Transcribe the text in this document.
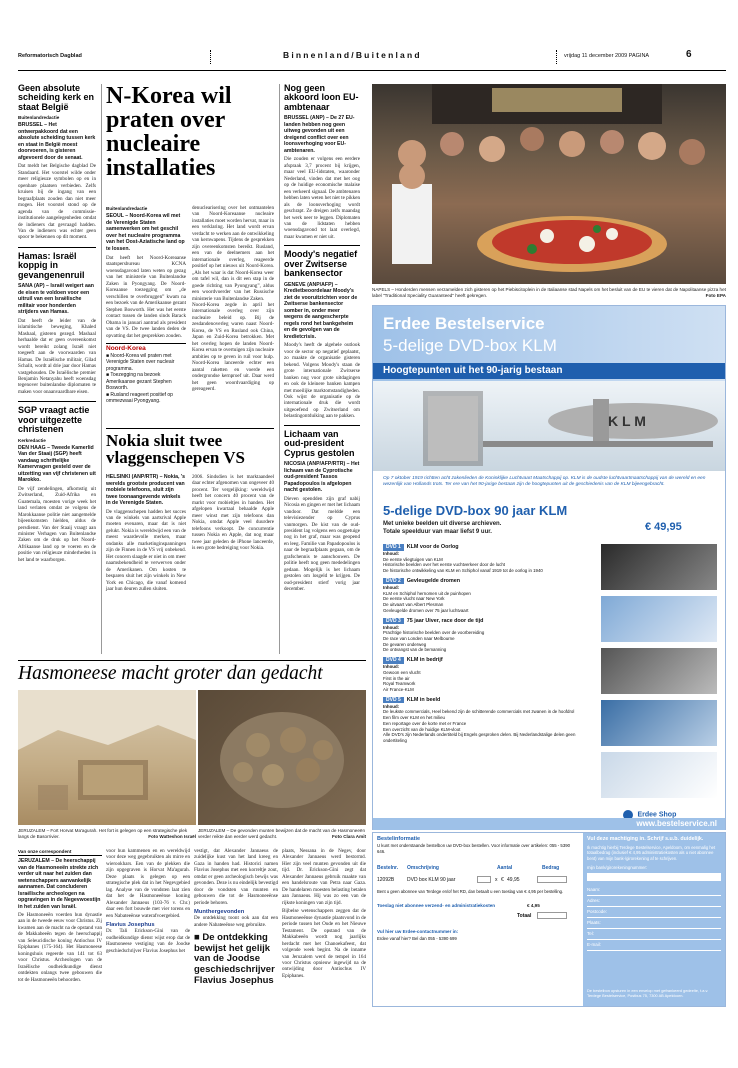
Reformatorisch Dagblad	Binnenland/Buitenland	vrijdag 11 december 2009 PAGINA	6
Geen absolute scheiding kerk en staat België
Buitenlandredactie
BRUSSEL – Het ontwerpakkoord dat een absolute scheiding tussen kerk en staat in België moest doorvoeren, is gisteren afgevoerd door de senaat.
Dat meldt het Belgische dagblad De Standaard. Het voorstel wilde onder meer religieuze symbolen op en in openbare plaatsen verbieden. Zelfs kruisen bij de ingang van een begraafplaats zouden dan niet meer mogen. Het voorstel stond op de agenda van de commissie-institutionele aangelegenheden omdat de indieners dat gevraagd hadden. Van de indieners was echter geen spoor te bekennen op dit moment.
Hamas: Israël koppig in gevangenenruil
SANA (AP) – Israël weigert aan de eisen te voldoen voor een uitruil van een Israëlische militair voor honderden strijders van Hamas.
Dat heeft de leider van de islamitische beweging, Khaled Mashaal, gisteren gezegd. Mashaal herhaalde dat er geen overeenkomst wordt bereikt zolang Israël niet toegeeft aan de voorwaarden van Hamas. De Israëlische militair, Gilad Schalit, wordt al drie jaar door Hamas vastgehouden. De Israëlische premier Benjamin Netanyahu heeft woensdag tegenover buitenlandse diplomaten te maken voor onaanvaardbare eisen.
SGP vraagt actie voor uitgezette christenen
Kerkredactie
DEN HAAG – Tweede Kamerlid Van der Staaij (SGP) heeft vandaag schriftelijke Kamervragen gesteld over de uitzetting van vijf christenen uit Marokko.
De vijf zendelingen, afkomstig uit Zwitserland, Zuid-Afrika en Guatemala, moesten vorige week het land verlaten omdat ze volgens de Marokkaanse politie niet aangemelde bijeenkomsten hielden, aldus de persdienst. Van der Staaij vraagt aan minister Verhagen van Buitenlandse Zaken om de druk op het Noord-Afrikaanse land op te voeren en de positie van religieuze minderheden in het land te waarborgen.
N-Korea wil praten over nucleaire installaties
Buitenlandredactie
SEOUL – Noord-Korea wil met de Verenigde Staten samenwerken om het geschil over het nucleaire programma van het Oost-Aziatische land op te lossen.
Dat heeft het Noord-Koreaanse staatspersbureau KCNA woensdagavond laten weten op gezag van het ministerie van Buitenlandse Zaken in Pyongyang. De Noord-Koreaanse toezegging om „de verschillen te overbruggen” kwam na een bezoek van de Amerikaanse gezant Stephen Bosworth. Het was het eerste contact tussen de landen sinds Barack Obama in januari aantrad als president van de VS. De twee landen deden de opvatting dat het gesprekken zouden.
Noord-Korea
■ Noord-Korea wil praten met Verenigde Staten over nucleair programma.
■ Toezegging na bezoek Amerikaanse gezant Stephen Bosworth.
■ Rusland reageert positief op ommezwaai Pyongyang.
denuclearisering over het ontmantelen van Noord-Koreaanse nucleaire installaties moet worden hervat, maar in een verklaring. Het land wordt ervan verdacht te werken aan de ontwikkeling van kernwapens. Tijdens de gesprekken zijn overeenkomsten bereikt. Rusland, een van de deelnemers aan het internationale overleg, reageerde positief op het nieuws uit Noord-Korea. „Als het waar is dat Noord-Korea weer om tafel wil, dan is dit een stap in de goede richting van Pyongyang”, aldus een woordvoerder van het Russische ministerie van Buitenlandse Zaken.
Noord-Korea zegde in april het internationale overleg over zijn nucleaire beleid op. Bij de zesdandenoverleg waren naast Noord-Korea, de VS en Rusland ook China, Japan en Zuid-Korea betrokken. Met het overleg hopen de landen Noord-Korea ervan te overtuigen zijn nucleaire ambities op te geven in ruil voor hulp. Noord-Korea lanceerde echter een aantal raketten en voerde een ondergrondse kernproef uit. Daar werd het geen woordvaardiging op gereageerd.
Nokia sluit twee vlaggenschepen VS
HELSINKI (ANP/RTR) – Nokia, 's werelds grootste producent van mobiele telefoons, sluit zijn twee toonaangevende winkels in de Verenigde Staten.
De vlaggenschepen hadden het succes van de winkels van aartsrival Apple moeten evenaren, maar dat is niet gelukt. Nokia is wereldwijd een van de meest waardevolle merken, maar ondanks alle marketinginspanningen zijn de Finnen in de VS vrij onbekend. Het concern slaagde er niet in om meer naamsbekendheid te verwerven onder de Amerikanen. Om kosten te besparen sluit het zijn winkels in New York en Chicago, die vanaf komend jaar hun deuren zullen sluiten.
2006. Sindsdien is het marktaandeel daar echter afgenomen van ongeveer 40 procent. Ter vergelijking: wereldwijd heeft het concern 40 procent van de markt voor mobieltjes in handen. Het afgelopen kwartaal behaalde Apple meer winst met zijn telefoons dan Nokia, omdat Apple veel duurdere telefoons verkoopt. De concurrentie tussen Nokia en Apple, dat nog maar twee jaar geleden de iPhone lanceerde, is een grote bedreiging voor Nokia.
Nog geen akkoord loon EU-ambtenaar
BRUSSEL (ANP) – De 27 EU-landen hebben nog geen uitweg gevonden uit een dreigend conflict over een loonsverhoging voor EU-ambtenaren.
Die zouden er volgens een eerdere afspraak 3,7 procent bij krijgen, maar veel EU-lidstaten, waaronder Nederland, vinden dat met het oog op de huidige economische malaise een verkeerd signaal. De ambtenaren hebben laten weten het niet te pikken als de loonsverhoging wordt geschrapt. Ze dreigen zelfs maandag het werk neer te leggen. Diplomaten van de lidstaten hebben woensdagavond tot laat overlegd, maar kwamen er niet uit.
Moody's negatief over Zwitserse bankensector
GENEVE (ANP/AFP) – Kredietbeoordelaar Moody's ziet de vooruitzichten voor de Zwitserse bankensector somber in, onder meer wegens de aangescherpte regels rond het bankgeheim en de gevolgen van de kredietcrisis.
Moody's heeft de algehele outlook voor de sector op negatief geplaatst, zo maakte de organisatie gisteren bekend. Volgens Moody's staan de grote internationale Zwitserse banken nog voor grote uitdagingen en ook de kleinere banken kampen met moeilijke marktomstandigheden. Ook wijst de organisatie op de internationale druk die wordt uitgeoefend op Zwitserland om belastingontduiking aan te pakken.
Lichaam van oud-president Cyprus gestolen
NICOSIA (ANP/AFP/RTR) – Het lichaam van de Cyprotische oud-president Tassos Papadopoulos is afgelopen nacht gestolen.
Dieven opendden zijn graf nabij Nicosia en gingen er met het lichaam vandoor. Dat meldde een televisiezender op Cyprus vanmorgen. De kist van de oud-president lag volgens een oogpetuige nog in het graf, maar was geopend en leeg. Familie van Papadopoulos is naar de begraafplaats gegaan, om de grafschennis te aanschouwen. De politie heeft nog geen mededelingen gedaan. Mogelijk is het lichaam gestolen om losgeld te krijgen. De oud-president stierf vorig jaar december.
NAPELS – Honderden mensen verzamelden zich gisteren op het Piebiscitoplein in de Italiaanse stad Napels om het besluit van de EU te vieren dat de Napolitaanse pizza het label "Traditional Speciality Guaranteed" heeft gekregen.	Foto EPA
Erdee Bestelservice
5-delige DVD-box KLM
Hoogtepunten uit het 90-jarig bestaan
K L M
Op 7 oktober 1919 richtten acht zakenlieden de Koninklijke Luchtvaart Maatschappij op. KLM is de oudste luchtvaartmaatschappij van de wereld en een wezenlijk van Hollands trots. Ter ere van het 90-jarige bestaan zijn de hoogtepunten uit de geschiedenis van de KLM bijeengebracht.
5-delige DVD-box 90 jaar KLM
Met unieke beelden uit diverse archieven.
Totale speelduur van maar liefst 9 uur.	€ 49,95
DVD 1 KLM voor de Oorlog
Inhoud:
De eerste vliegtuigen van KLM
Historische beelden over het eerste vuchtverkeer door de lucht
De historische ontwikkeling van KLM en Schiphol vanaf 1919 tot de oorlog in 1940
DVD 2 Gevleugelde dromen
Inhoud:
KLM en Schiphol hernomen uit de puinhopen
De eerste vlucht naar New York
De uitvaart van Albert Plesman
Gevleugelde dromen over 75 jaar luchtvaart
DVD 3 75 jaar Uiver, race door de tijd
Inhoud:
Prachtige historische beelden over de voorbereiding
De race van Londen naar Melbourne
De gevaren onderweg
De ontvangst van de bemanning
DVD 4 KLM in bedrijf
Inhoud:
Gewoon een vlucht
First in the air
Royal Teamwork
Air France-KLM
DVD 5 KLM in beeld
Inhoud:
De leukste commercials, Heel bekend zijn de schitterende commercials met zwanen in de hoofdrol
Een film over KLM en het milieu
Een reportage over de korte met er France
Een overzicht van de huidige KLM-vloot
Alle DVD's zijn Nederlands ondertiteld bij Engels gesproken delen. Bij Nederlandstalige delen geen ondertiteling
Erdee Shop
www.bestelservice.nl
Bestelinformatie
U kunt met onderstaande bestelbon uw DVD-box bestellen. Voor informatie over artikelen: 055 - 5390 646.
Bestelnr. Omschrijving	Aantal	Bedrag
12092B	DVD box KLM 90 jaar	x € 49,95
Bent u geen abonnee van Terdege en/of het RD, dan betaalt u een toeslag van € 4,95 per bestelling.
Toeslag niet abonnee verzend- en administratiekosten	€ 4,95
Totaal
Vul hier uw Erdee-contactnummer in:
Erdee vanaf hier? Bel dan 055 - 5390 699
Vul deze machtiging in. Schrijf s.u.b. duidelijk.
Ik machtig hierbij Terdege Bestelservice, Apeldoorn, om eenmalig het totaalbedrag (inclusief € 4,95 administratiekosten als u niet abonnee bent) van mijn bank-/girorekening af te schrijven.
mijn bank/girorekeningnummer:
Naam:
Adres:
Postcode:
Plaats:
Tel:
E-mail:
De bestelbon opsturen in een envelop met gefrankeerd gedeelte, t.a.v. Terdege Bestelservice, Postbus 75, 7300 AB Apeldoorn.
Hasmoneese macht groter dan gedacht
JERUZALEM – Fort Horvat Ma'agurah. Het fort is gelegen op een strategische plek langs de Basorrivier.	Foto Watteshon Israël
JERUZALEM – De gevonden munten bewijzen dat de macht van de Hasmoneeën verder reikte dan eerder werd gedacht.	Foto Clara Amit
Van onze correspondent
JERUZALEM – De heerschappij van de Hasmoneeën strekte zich verder uit naar het zuiden dan wetenschappers aanvankelijk aannamen. Dat concluderen Israëlische archeologen na opgravingen in de Negevwoestijn in het zuiden van Israël.
De Hasmoneeën voerden hun dynastie aan in de tweede eeuw voor Christus. Zij kwamen aan de macht na de opstand van de Makkabeeën tegen de heerschappij van Seleucidische koning Antiochus IV Epiphanes (175-164). Het Hasmoneese koningshuis regeerde van 141 tot 63 voor Christus. Archeologen van de Israëlische oudheidkundige dienst ontdekten onlangs twee gebouwen die tot de Hasmoneeën behoorden.
voor hun kammenen en en wereldwijd voor deze weg gegebruikten als mirre en wierookhars. Een van de plekken die zijn opgegraven is Horvat Ma'agurah. Deze plaats is gelegen op een strategische plek dat in het Negevgebied lag. Analyse van de vondsten laat zien dat het de Hasmoneeënse koning Alexander Jannaeus (103-76 v. Chr.) daar een fort bouwde met vier torens en een Nabateeënse waterafvoergebied.
Flavius Josephus
Dr. Tali Erickson-Gini van de oudheidkundige dienst wijst erop dat de Hasmoneese vestiging van de Joodse geschiedschrijver Flavius Josephus het
vestigt, dat Alexander Jannaeus de zuidelijke kust van het land kreeg en Gaza in handen had. Historici namen Flavius Josephus met een korreltje zout, omdat er geen archeologisch bewijs was gevonden. Deze is nu eindelijk bevestigd door de vondsten van munten en gebouwen die tot de Hasmoneeënse periode behoren.
Munthergevonden
De ontdekking toont ook aan dat een andere Nabateeënse weg gebruikte.
■ De ontdekking bewijst het gelijk van de Joodse geschiedschrijver Flavius Josephus
plaats, Nessana in de Negev, door Alexander Jannaeus werd bestormd. Hier zijn veel munten gevonden uit die tijd. Dr. Erickson-Gini zegt dat Alexander Jannaeus gebruik maakte van een handelsroute van Petra naar Gaza. De handelaren moesten belasting betalen aan Jannaeus. Hij was zo een van de rijkste koningen van zijn tijd.
Bijbelse wetenschappers zeggen dat de Hasmoneeënse dynastie plaatsvond in de periode tussen het Oude en het Nieuwe Testament. De opstand van de Makkabeeën wordt nog jaarlijks herdacht met het Chanoekafeest, dat volgende week begint. Na de inname van Jeruzalem werd de tempel in 164 voor Christus opnieuw ingewijd na de ontwijding door Antiochus IV Epiphanes.
